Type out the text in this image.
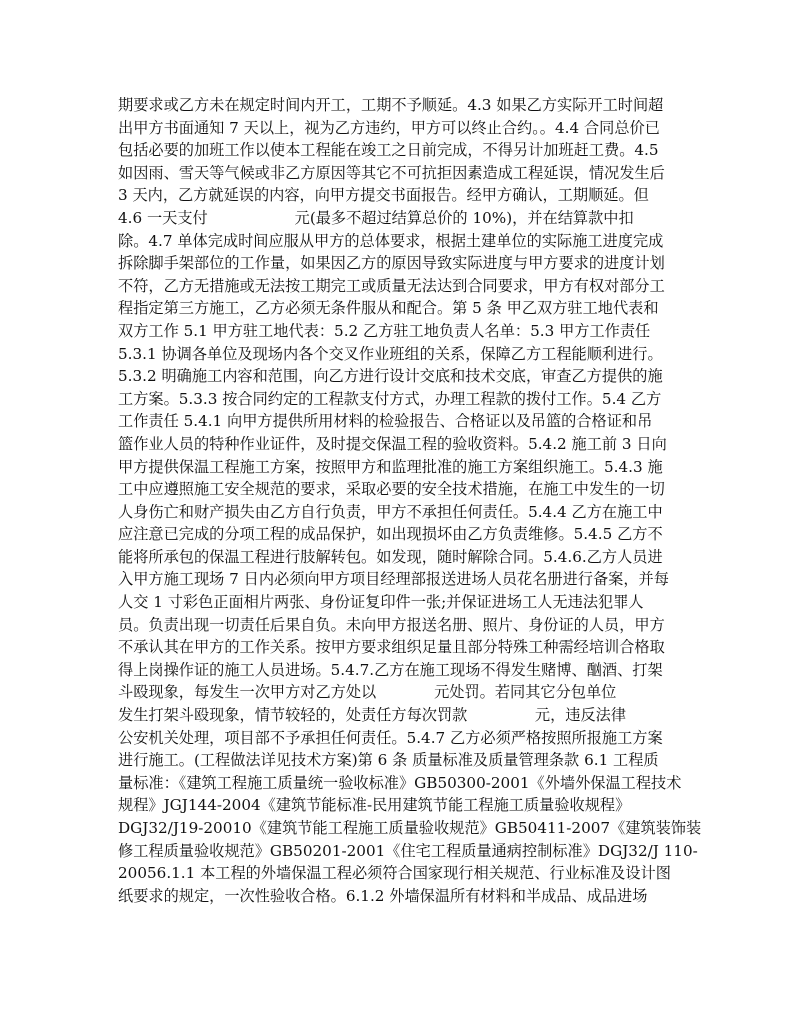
期要求或乙方未在规定时间内开工，工期不予顺延。4.3 如果乙方实际开工时间超
出甲方书面通知 7 天以上，视为乙方违约，甲方可以终止合约。。4.4 合同总价已
包括必要的加班工作以使本工程能在竣工之日前完成，不得另计加班赶工费。4.5
如因雨、雪天等气候或非乙方原因等其它不可抗拒因素造成工程延误，情况发生后
3 天内，乙方就延误的内容，向甲方提交书面报告。经甲方确认，工期顺延。但
4.6 一天支付                  元(最多不超过结算总价的 10%)，并在结算款中扣
除。4.7 单体完成时间应服从甲方的总体要求，根据土建单位的实际施工进度完成
拆除脚手架部位的工作量，如果因乙方的原因导致实际进度与甲方要求的进度计划
不符，乙方无措施或无法按工期完工或质量无法达到合同要求，甲方有权对部分工
程指定第三方施工，乙方必须无条件服从和配合。第 5 条 甲乙双方驻工地代表和
双方工作 5.1 甲方驻工地代表：5.2 乙方驻工地负责人名单：5.3 甲方工作责任
5.3.1 协调各单位及现场内各个交叉作业班组的关系，保障乙方工程能顺利进行。
5.3.2 明确施工内容和范围，向乙方进行设计交底和技术交底，审查乙方提供的施
工方案。5.3.3 按合同约定的工程款支付方式，办理工程款的拨付工作。5.4 乙方
工作责任 5.4.1 向甲方提供所用材料的检验报告、合格证以及吊篮的合格证和吊
篮作业人员的特种作业证件，及时提交保温工程的验收资料。5.4.2 施工前 3 日向
甲方提供保温工程施工方案，按照甲方和监理批准的施工方案组织施工。5.4.3 施
工中应遵照施工安全规范的要求，采取必要的安全技术措施，在施工中发生的一切
人身伤亡和财产损失由乙方自行负责，甲方不承担任何责任。5.4.4 乙方在施工中
应注意已完成的分项工程的成品保护，如出现损坏由乙方负责维修。5.4.5 乙方不
能将所承包的保温工程进行肢解转包。如发现，随时解除合同。5.4.6.乙方人员进
入甲方施工现场 7 日内必须向甲方项目经理部报送进场人员花名册进行备案，并每
人交 1 寸彩色正面相片两张、身份证复印件一张;并保证进场工人无违法犯罪人
员。负责出现一切责任后果自负。未向甲方报送名册、照片、身份证的人员，甲方
不承认其在甲方的工作关系。按甲方要求组织足量且部分特殊工种需经培训合格取
得上岗操作证的施工人员进场。5.4.7.乙方在施工现场不得发生赌博、酗酒、打架
斗殴现象，每发生一次甲方对乙方处以            元处罚。若同其它分包单位
发生打架斗殴现象，情节较轻的，处责任方每次罚款              元，违反法律
公安机关处理，项目部不予承担任何责任。5.4.7 乙方必须严格按照所报施工方案
进行施工。(工程做法详见技术方案)第 6 条 质量标准及质量管理条款 6.1 工程质
量标准：《建筑工程施工质量统一验收标准》GB50300-2001《外墙外保温工程技术
规程》JGJ144-2004《建筑节能标准-民用建筑节能工程施工质量验收规程》
DGJ32/J19-20010《建筑节能工程施工质量验收规范》GB50411-2007《建筑装饰装
修工程质量验收规范》GB50201-2001《住宅工程质量通病控制标准》DGJ32/J 110-
20056.1.1 本工程的外墙保温工程必须符合国家现行相关规范、行业标准及设计图
纸要求的规定，一次性验收合格。6.1.2 外墙保温所有材料和半成品、成品进场
